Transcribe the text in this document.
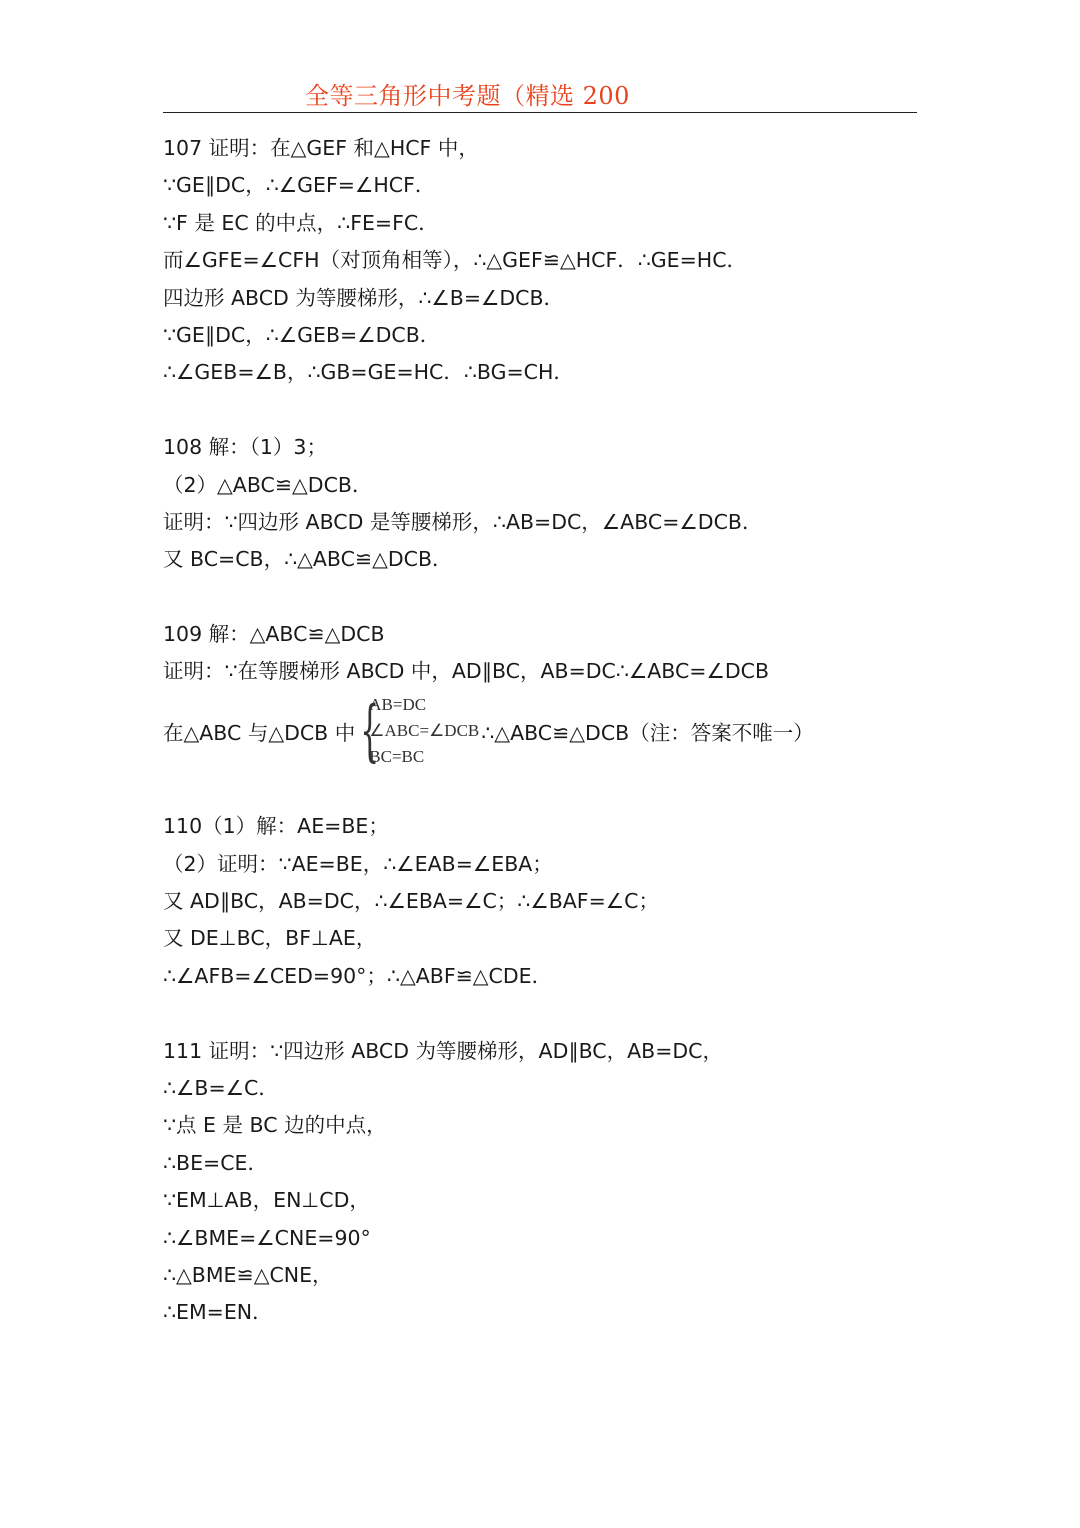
全等三角形中考题（精选 200
107 证明：在△GEF 和△HCF 中，
∵GE∥DC，∴∠GEF=∠HCF．
∵F 是 EC 的中点，∴FE=FC．
而∠GFE=∠CFH（对顶角相等），∴△GEF≌△HCF．∴GE=HC．
四边形 ABCD 为等腰梯形，∴∠B=∠DCB．
∵GE∥DC，∴∠GEB=∠DCB．
∴∠GEB=∠B，∴GB=GE=HC．∴BG=CH．
108 解：（1）3；
（2）△ABC≌△DCB．
证明：∵四边形 ABCD 是等腰梯形，∴AB=DC，∠ABC=∠DCB．
又 BC=CB，∴△ABC≌△DCB．
109 解：△ABC≌△DCB
证明：∵在等腰梯形 ABCD 中，AD∥BC，AB=DC∴∠ABC=∠DCB
在△ABC 与△DCB 中 {
AB=DC
∠ABC=∠DCB
BC=BC
∴△ABC≌△DCB（注：答案不唯一）
110（1）解：AE=BE；
（2）证明：∵AE=BE，∴∠EAB=∠EBA；
又 AD∥BC，AB=DC，∴∠EBA=∠C；∴∠BAF=∠C；
又 DE⊥BC，BF⊥AE，
∴∠AFB=∠CED=90°；∴△ABF≌△CDE．
111 证明：∵四边形 ABCD 为等腰梯形，AD∥BC，AB=DC，
∴∠B=∠C．
∵点 E 是 BC 边的中点，
∴BE=CE．
∵EM⊥AB，EN⊥CD，
∴∠BME=∠CNE=90°
∴△BME≌△CNE，
∴EM=EN．
